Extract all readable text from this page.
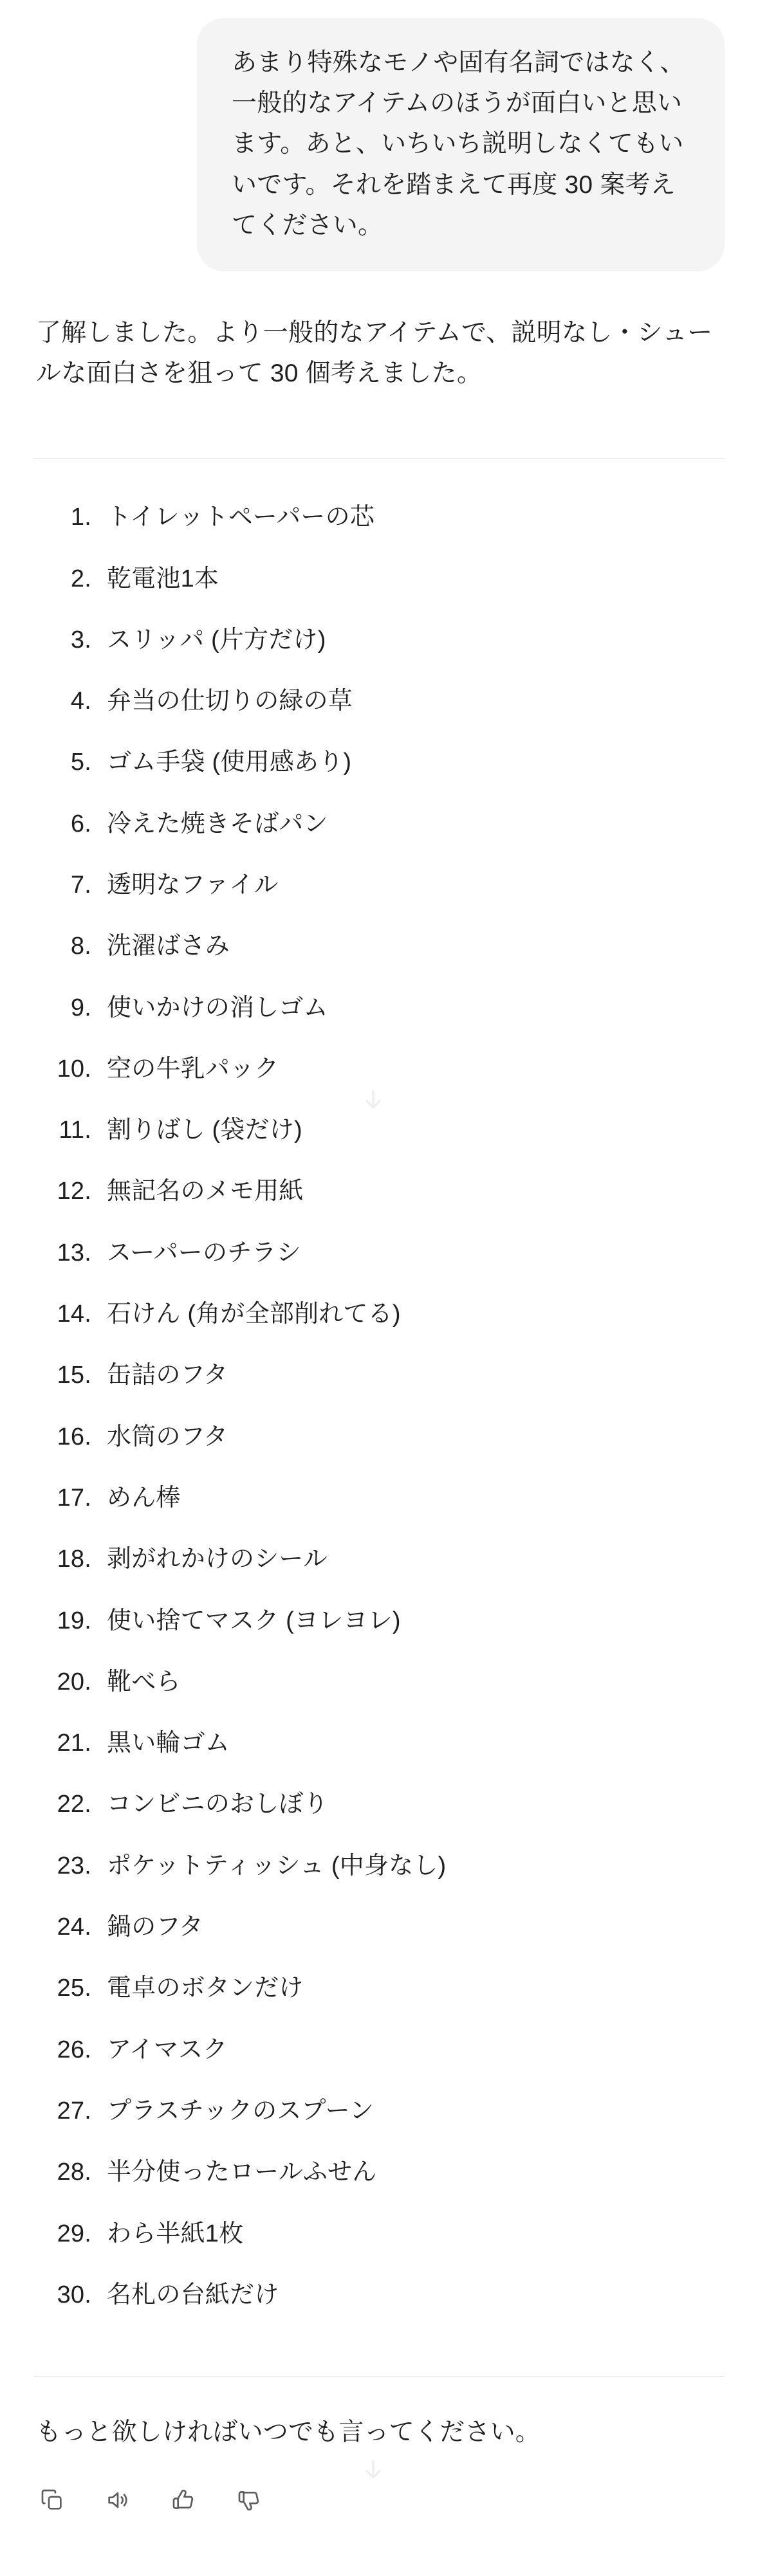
あまり特殊なモノや固有名詞ではなく、一般的なアイテムのほうが面白いと思います。あと、いちいち説明しなくてもいいです。それを踏まえて再度 30 案考えてください。
了解しました。より一般的なアイテムで、説明なし・シュールな面白さを狙って 30 個考えました。
トイレットペーパーの芯
乾電池1本
スリッパ (片方だけ)
弁当の仕切りの緑の草
ゴム手袋 (使用感あり)
冷えた焼きそばパン
透明なファイル
洗濯ばさみ
使いかけの消しゴム
空の牛乳パック
割りばし (袋だけ)
無記名のメモ用紙
スーパーのチラシ
石けん (角が全部削れてる)
缶詰のフタ
水筒のフタ
めん棒
剥がれかけのシール
使い捨てマスク (ヨレヨレ)
靴べら
黒い輪ゴム
コンビニのおしぼり
ポケットティッシュ (中身なし)
鍋のフタ
電卓のボタンだけ
アイマスク
プラスチックのスプーン
半分使ったロールふせん
わら半紙1枚
名札の台紙だけ
もっと欲しければいつでも言ってください。
